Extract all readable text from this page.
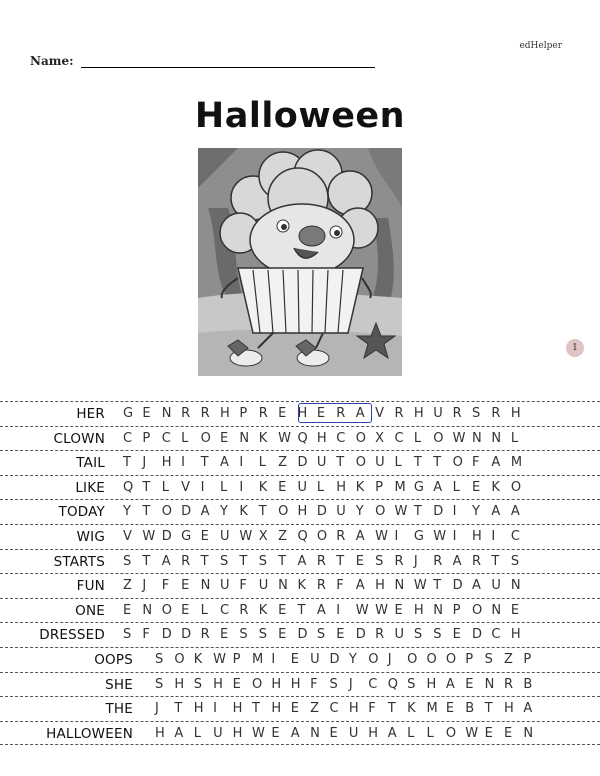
edHelper
Name:
Halloween
1
HER G E N R R H P R E H E R A V R H U R S R H
CLOWN C P C L O E N K W Q H C O X C L O W N N L
TAIL T J	H I	T A I	L Z D U T O U L T T O F A M
LIKE Q T L V I	L I	K E U L H K P M G A L E K O
TODAY Y T O D A Y K T O H D U Y O W T D I	Y A A
WIG V W D G E U W X Z Q O R A W I	G W I	H I	C
STARTS S T A R T S T S T A R T E S R J	R A R T S
FUN Z J	F E N U F U N K R F A H N W T D A U N
ONE E N O E L C R K E T A I	W W E H N P O N E
DRESSED S F D D R E S S E D S E D R U S S E D C H
OOPS S O K W P M I	E U D Y O J	O O O P S Z P
SHE S H S H E O H H F S J	C Q S H A E N R B
THE J	T H I	H T H E Z C H F T K M E B T H A
HALLOWEEN H A L U H W E A N E U H A L L O W E E N
